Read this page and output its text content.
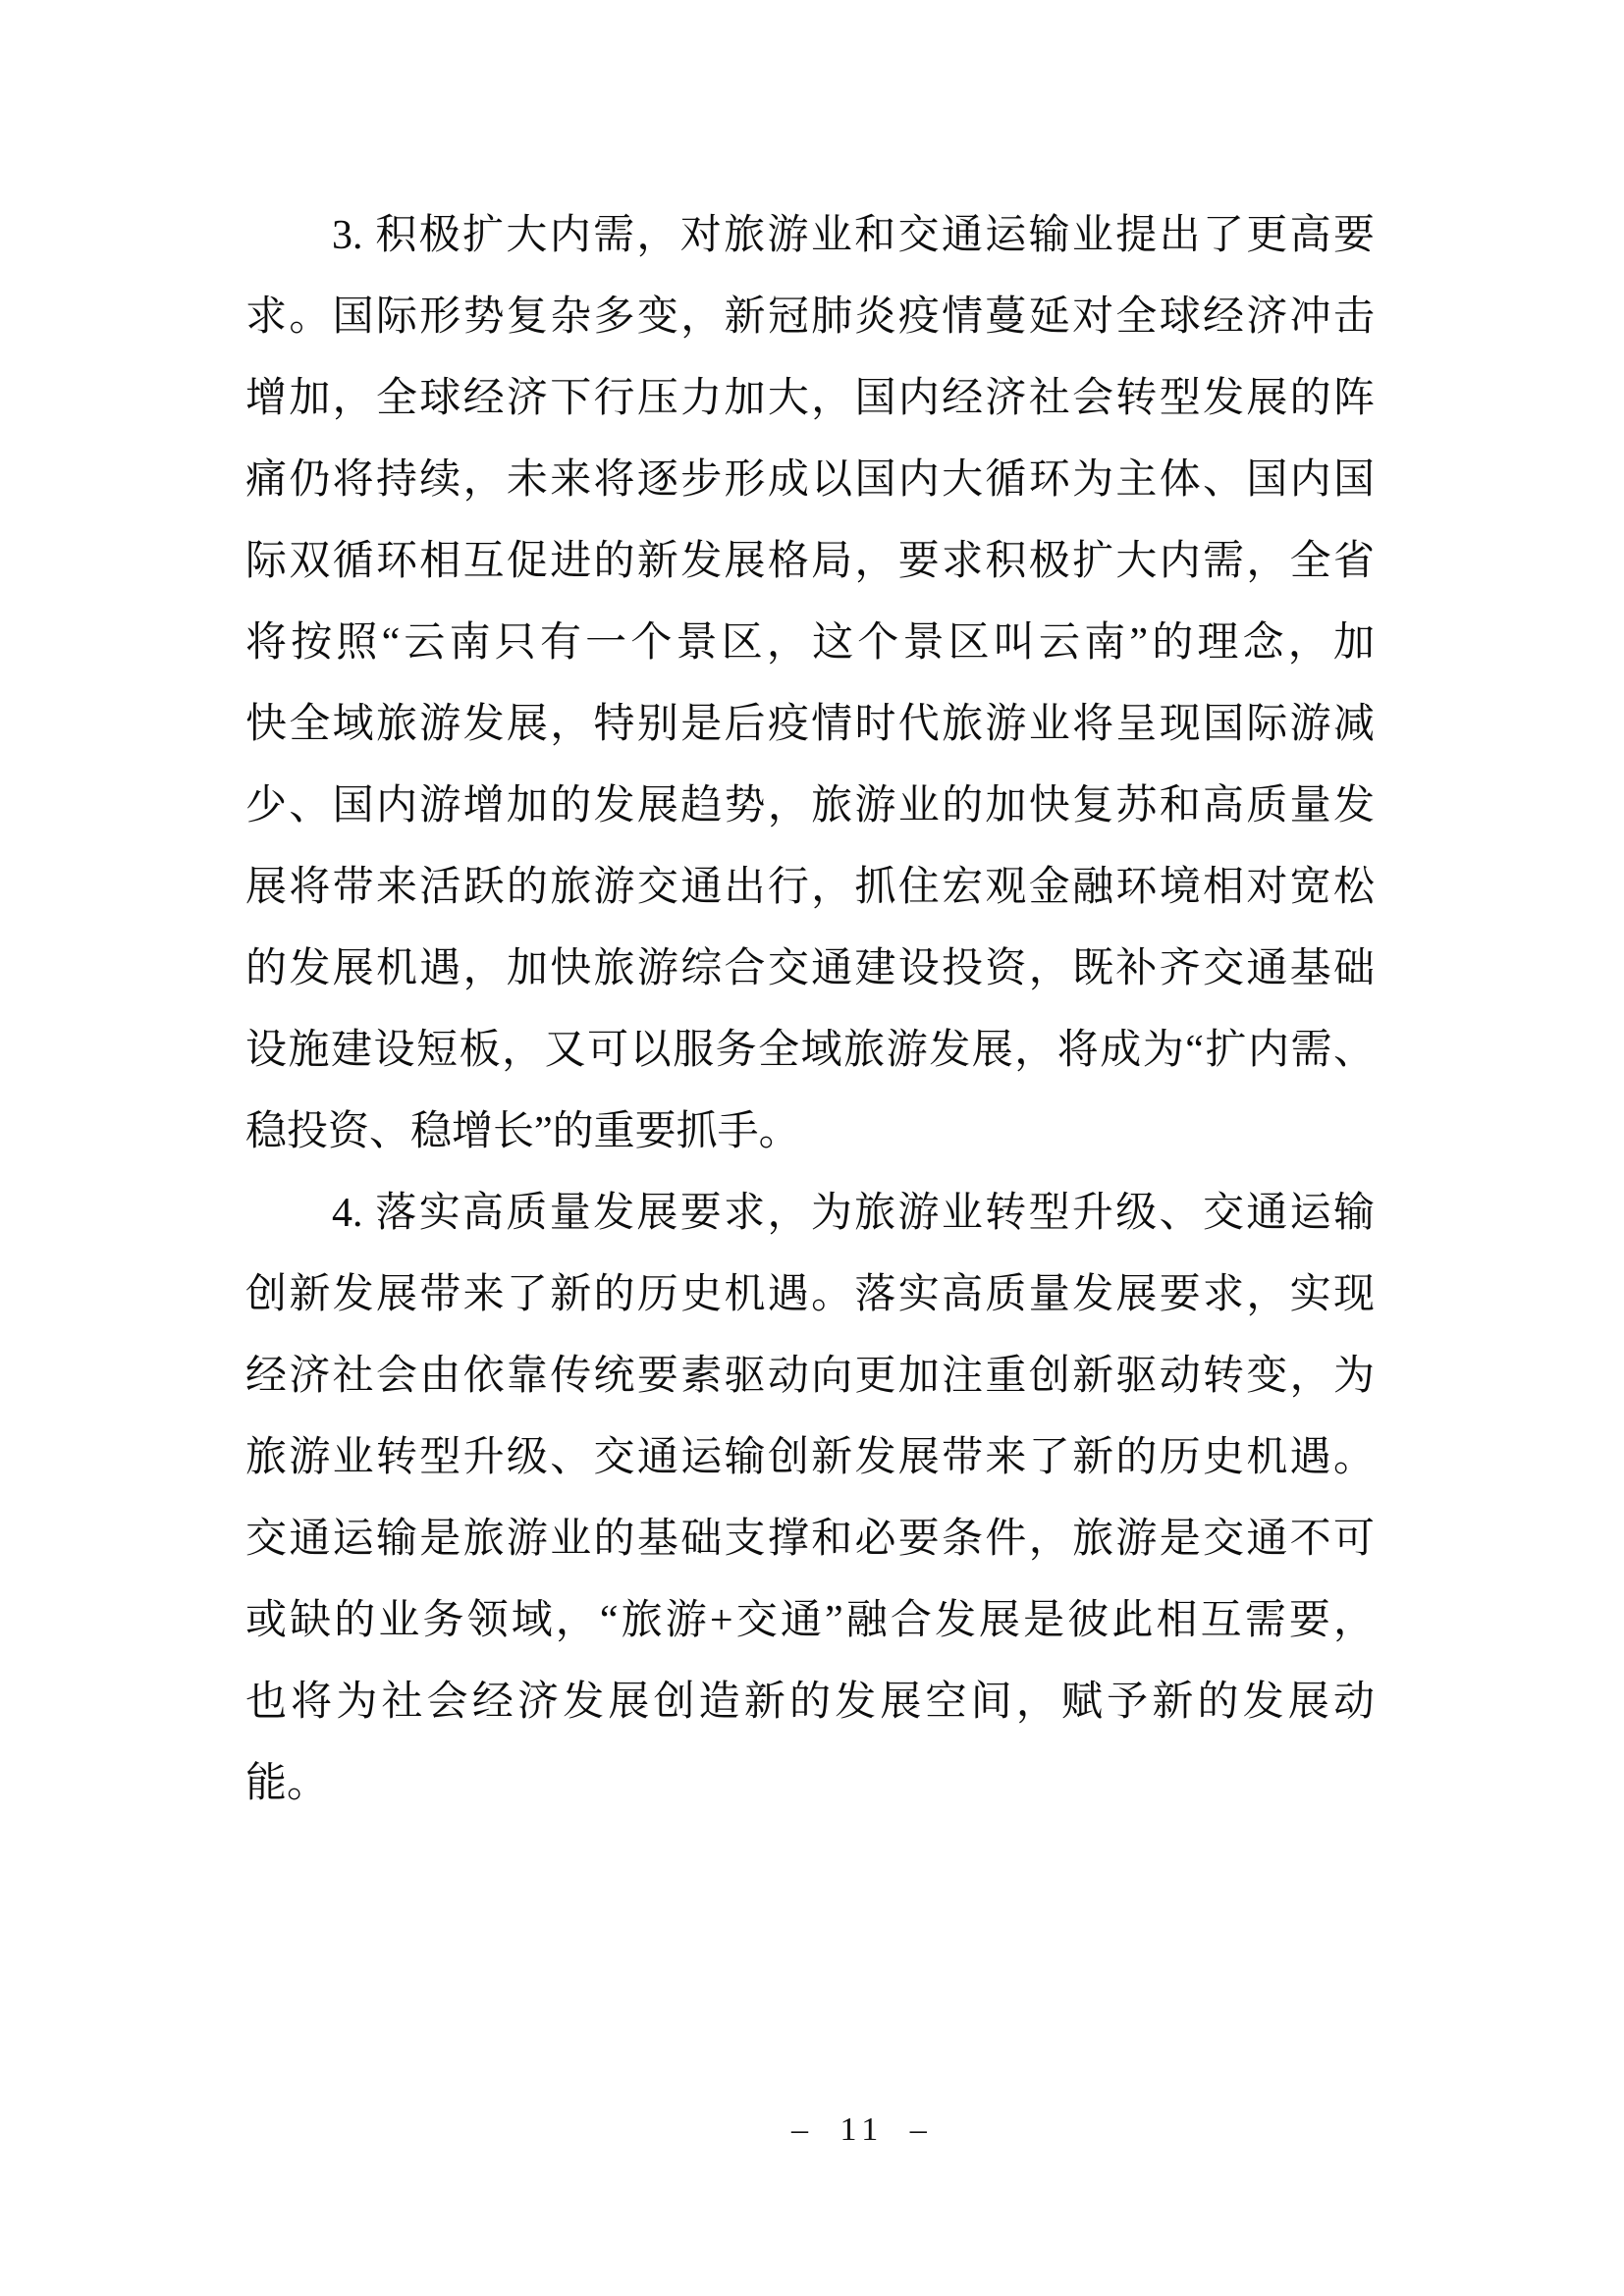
3. 积极扩大内需，对旅游业和交通运输业提出了更高要
求。国际形势复杂多变，新冠肺炎疫情蔓延对全球经济冲击
增加，全球经济下行压力加大，国内经济社会转型发展的阵
痛仍将持续，未来将逐步形成以国内大循环为主体、国内国
际双循环相互促进的新发展格局，要求积极扩大内需，全省
将按照“云南只有一个景区，这个景区叫云南”的理念，加
快全域旅游发展，特别是后疫情时代旅游业将呈现国际游减
少、国内游增加的发展趋势，旅游业的加快复苏和高质量发
展将带来活跃的旅游交通出行，抓住宏观金融环境相对宽松
的发展机遇，加快旅游综合交通建设投资，既补齐交通基础
设施建设短板，又可以服务全域旅游发展，将成为“扩内需、
稳投资、稳增长”的重要抓手。
4. 落实高质量发展要求，为旅游业转型升级、交通运输
创新发展带来了新的历史机遇。落实高质量发展要求，实现
经济社会由依靠传统要素驱动向更加注重创新驱动转变，为
旅游业转型升级、交通运输创新发展带来了新的历史机遇。
交通运输是旅游业的基础支撑和必要条件，旅游是交通不可
或缺的业务领域，“旅游+交通”融合发展是彼此相互需要，
也将为社会经济发展创造新的发展空间，赋予新的发展动
能。
– 11 –
